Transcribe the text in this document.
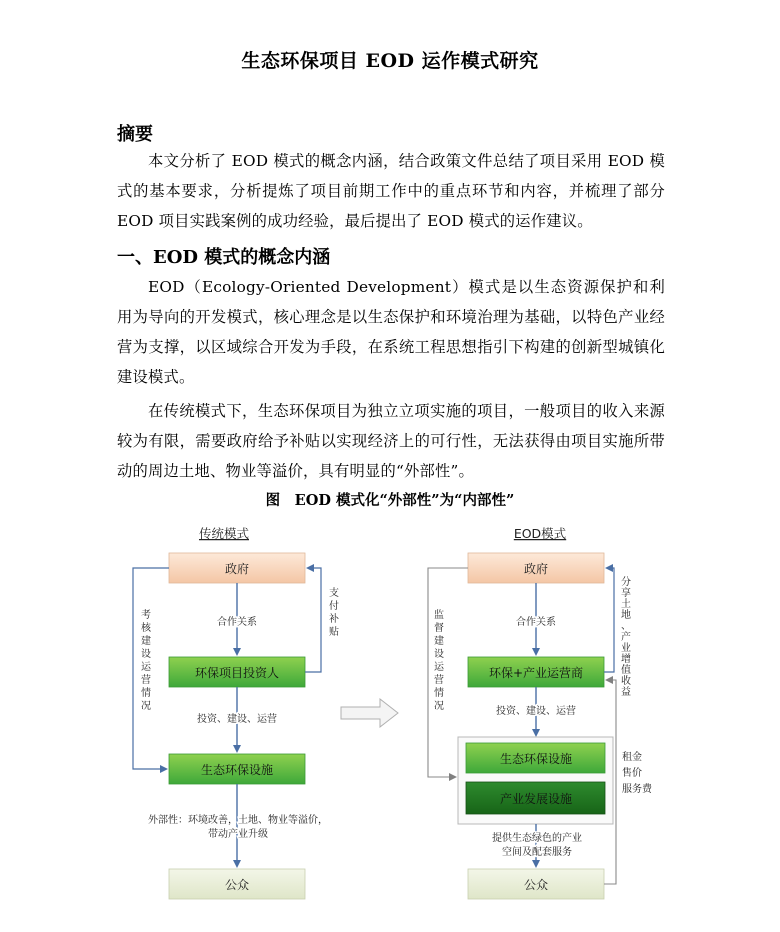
生态环保项目 EOD 运作模式研究
摘要

本文分析了 EOD 模式的概念内涵，结合政策文件总结了项目采用 EOD 模式的基本要求，分析提炼了项目前期工作中的重点环节和内容，并梳理了部分 EOD 项目实践案例的成功经验，最后提出了 EOD 模式的运作建议。

一、EOD 模式的概念内涵

EOD（Ecology-Oriented Development）模式是以生态资源保护和利用为导向的开发模式，核心理念是以生态保护和环境治理为基础，以特色产业经营为支撑，以区域综合开发为手段，在系统工程思想指引下构建的创新型城镇化建设模式。

在传统模式下，生态环保项目为独立立项实施的项目，一般项目的收入来源较为有限，需要政府给予补贴以实现经济上的可行性，无法获得由项目实施所带动的周边土地、物业等溢价，具有明显的“外部性”。

图　EOD 模式化“外部性”为“内部性”
传统模式
政府
合作关系
环保项目投资人
支
付
补
贴
投资、建设、运营
生态环保设施
考
核
建
设
运
营
情
况
外部性：环境改善，土地、物业等溢价，
带动产业升级
公众
EOD模式
政府
合作关系
环保+产业运营商
分
享
土
地
、
产
业
增
值
收
益
投资、建设、运营
生态环保设施
产业发展设施
监
督
建
设
运
营
情
况
提供生态绿色的产业
空间及配套服务
公众
租金
售价
服务费
